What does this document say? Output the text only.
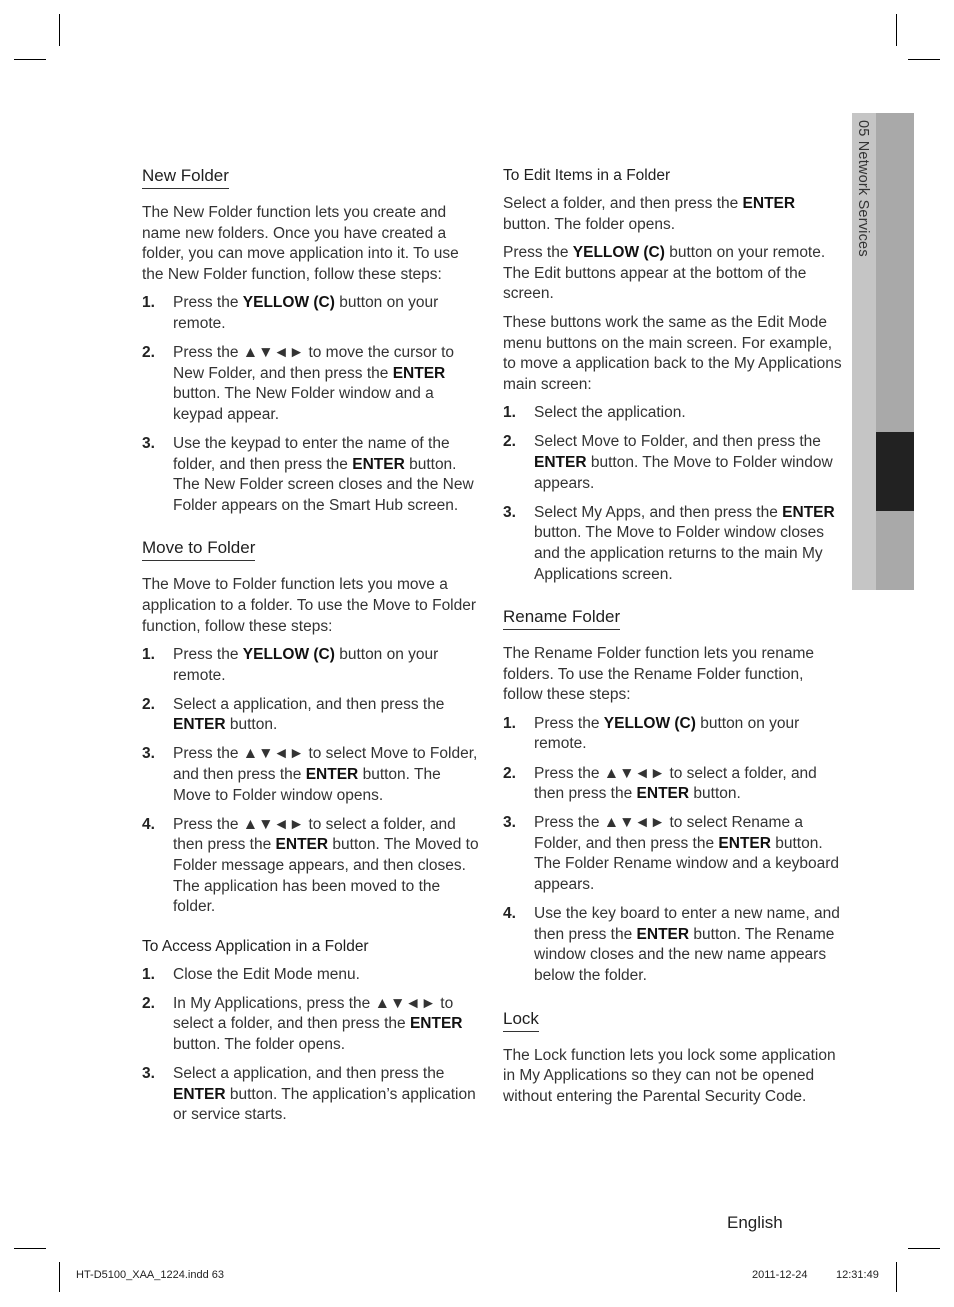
05 Network Services
New Folder
The New Folder function lets you create and name new folders. Once you have created a folder, you can move application into it. To use the New Folder function, follow these steps:
1.	Press the YELLOW (C) button on your remote.
2.	Press the ▲▼◄► to move the cursor to New Folder, and then press the ENTER button. The New Folder window and a keypad appear.
3.	Use the keypad to enter the name of the folder, and then press the ENTER button. The New Folder screen closes and the New Folder appears on the Smart Hub screen.
Move to Folder
The Move to Folder function lets you move a application to a folder. To use the Move to Folder function, follow these steps:
1.	Press the YELLOW (C) button on your remote.
2.	Select a application, and then press the ENTER button.
3.	Press the ▲▼◄► to select Move to Folder, and then press the ENTER button. The Move to Folder window opens.
4.	Press the ▲▼◄► to select a folder, and then press the ENTER button. The Moved to Folder message appears, and then closes. The application has been moved to the folder.
To Access Application in a Folder
1.	Close the Edit Mode menu.
2.	In My Applications, press the ▲▼◄► to select a folder, and then press the ENTER button. The folder opens.
3.	Select a application, and then press the ENTER button. The application’s application or service starts.
To Edit Items in a Folder
Select a folder, and then press the ENTER button. The folder opens.
Press the YELLOW (C) button on your remote. The Edit buttons appear at the bottom of the screen.
These buttons work the same as the Edit Mode menu buttons on the main screen. For example, to move a application back to the My Applications main screen:
1.	Select the application.
2.	Select Move to Folder, and then press the ENTER button. The Move to Folder window appears.
3.	Select My Apps, and then press the ENTER button. The Move to Folder window closes and the application returns to the main My Applications screen.
Rename Folder
The Rename Folder function lets you rename folders. To use the Rename Folder function, follow these steps:
1.	Press the YELLOW (C) button on your remote.
2.	Press the ▲▼◄► to select a folder, and then press the ENTER button.
3.	Press the ▲▼◄► to select Rename a Folder, and then press the ENTER button. The Folder Rename window and a keyboard appears.
4.	Use the key board to enter a new name, and then press the ENTER button. The Rename window closes and the new name appears below the folder.
Lock
The Lock function lets you lock some application in My Applications so they can not be opened without entering the Parental Security Code.
English
HT-D5100_XAA_1224.indd 63	2011-12-24	12:31:49
